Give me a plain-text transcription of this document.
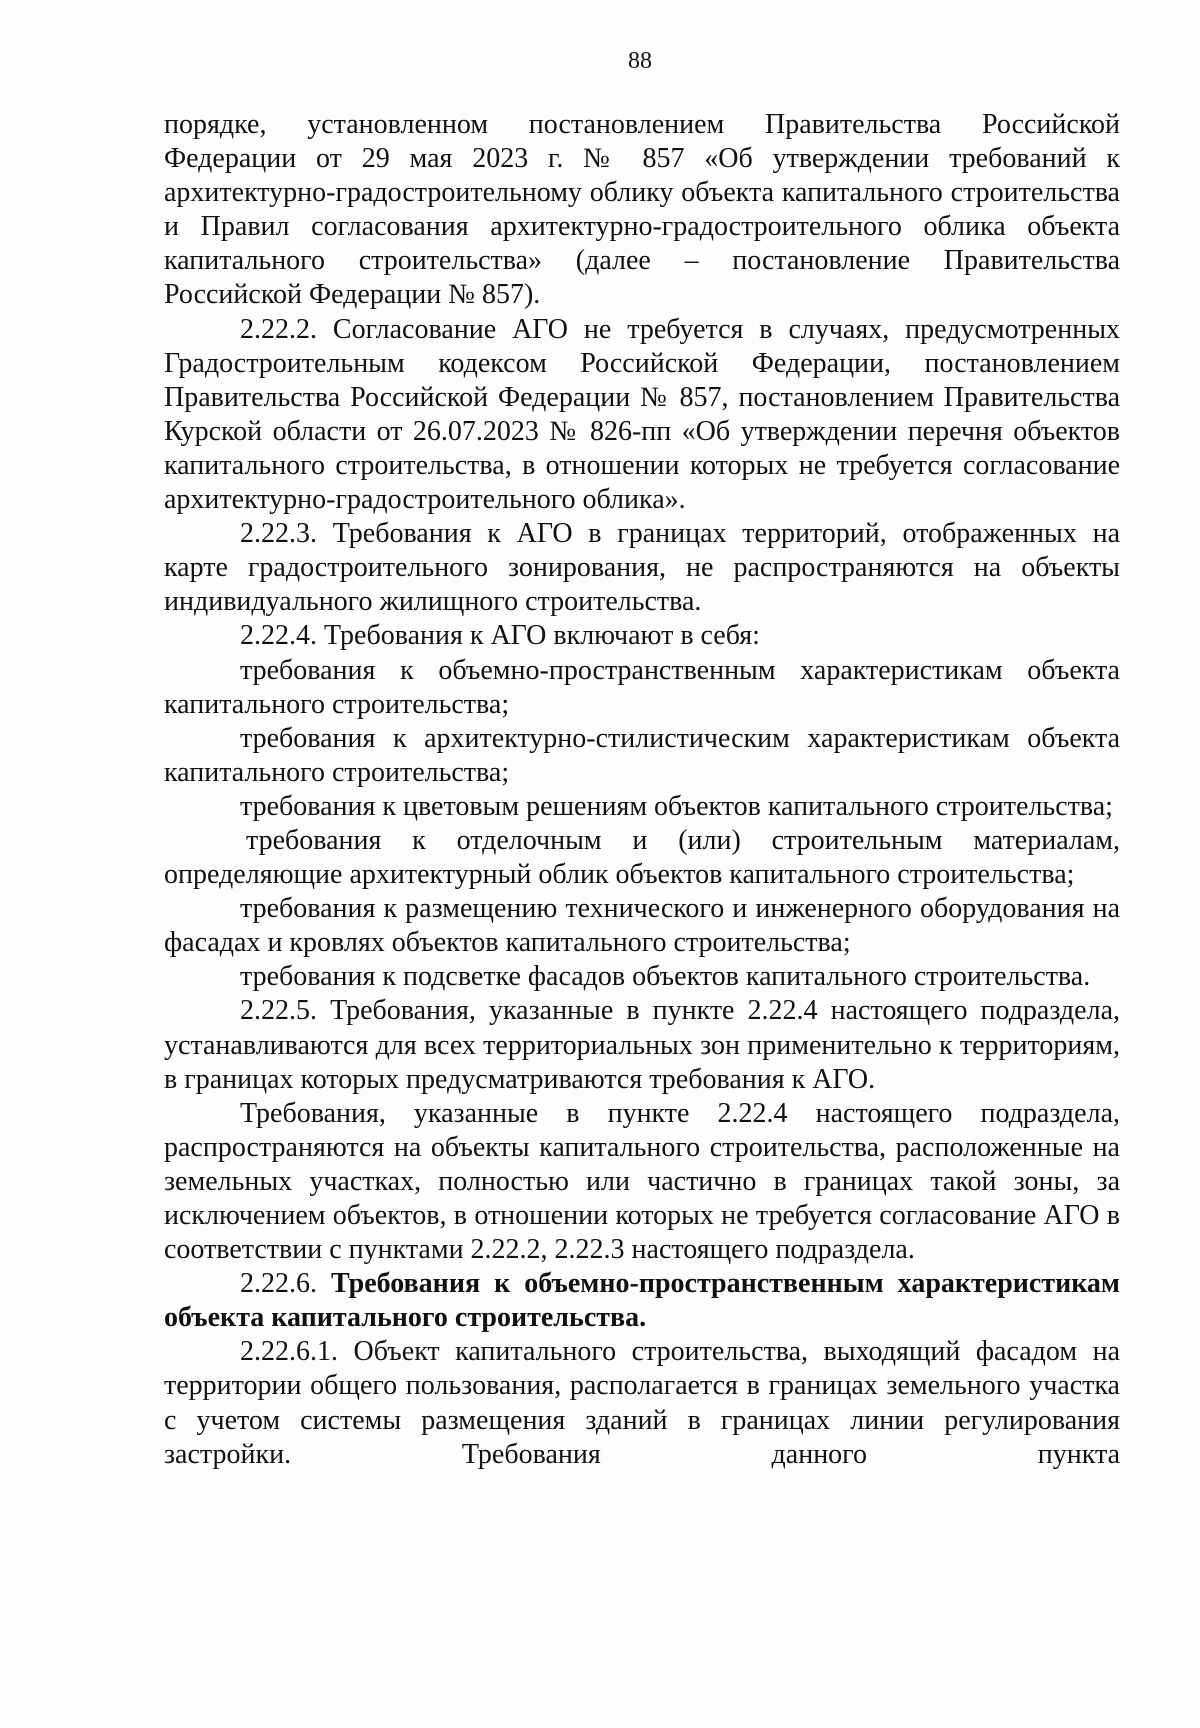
88

порядке, установленном постановлением Правительства Российской Федерации от 29 мая 2023 г. № 857 «Об утверждении требований к архитектурно-градостроительному облику объекта капитального строительства и Правил согласования архитектурно-градостроительного облика объекта капитального строительства» (далее – постановление Правительства Российской Федерации № 857).

2.22.2. Согласование АГО не требуется в случаях, предусмотренных Градостроительным кодексом Российской Федерации, постановлением Правительства Российской Федерации № 857, постановлением Правительства Курской области от 26.07.2023 № 826-пп «Об утверждении перечня объектов капитального строительства, в отношении которых не требуется согласование архитектурно-градостроительного облика».

2.22.3. Требования к АГО в границах территорий, отображенных на карте градостроительного зонирования, не распространяются на объекты индивидуального жилищного строительства.

2.22.4. Требования к АГО включают в себя:

требования к объемно-пространственным характеристикам объекта капитального строительства;

требования к архитектурно-стилистическим характеристикам объекта капитального строительства;

требования к цветовым решениям объектов капитального строительства;

требования к отделочным и (или) строительным материалам, определяющие архитектурный облик объектов капитального строительства;

требования к размещению технического и инженерного оборудования на фасадах и кровлях объектов капитального строительства;

требования к подсветке фасадов объектов капитального строительства.

2.22.5. Требования, указанные в пункте 2.22.4 настоящего подраздела, устанавливаются для всех территориальных зон применительно к территориям, в границах которых предусматриваются требования к АГО.

Требования, указанные в пункте 2.22.4 настоящего подраздела, распространяются на объекты капитального строительства, расположенные на земельных участках, полностью или частично в границах такой зоны, за исключением объектов, в отношении которых не требуется согласование АГО в соответствии с пунктами 2.22.2, 2.22.3 настоящего подраздела.

2.22.6. Требования к объемно-пространственным характеристикам объекта капитального строительства.

2.22.6.1. Объект капитального строительства, выходящий фасадом на территории общего пользования, располагается в границах земельного участка с учетом системы размещения зданий в границах линии регулирования застройки. Требования данного пункта
